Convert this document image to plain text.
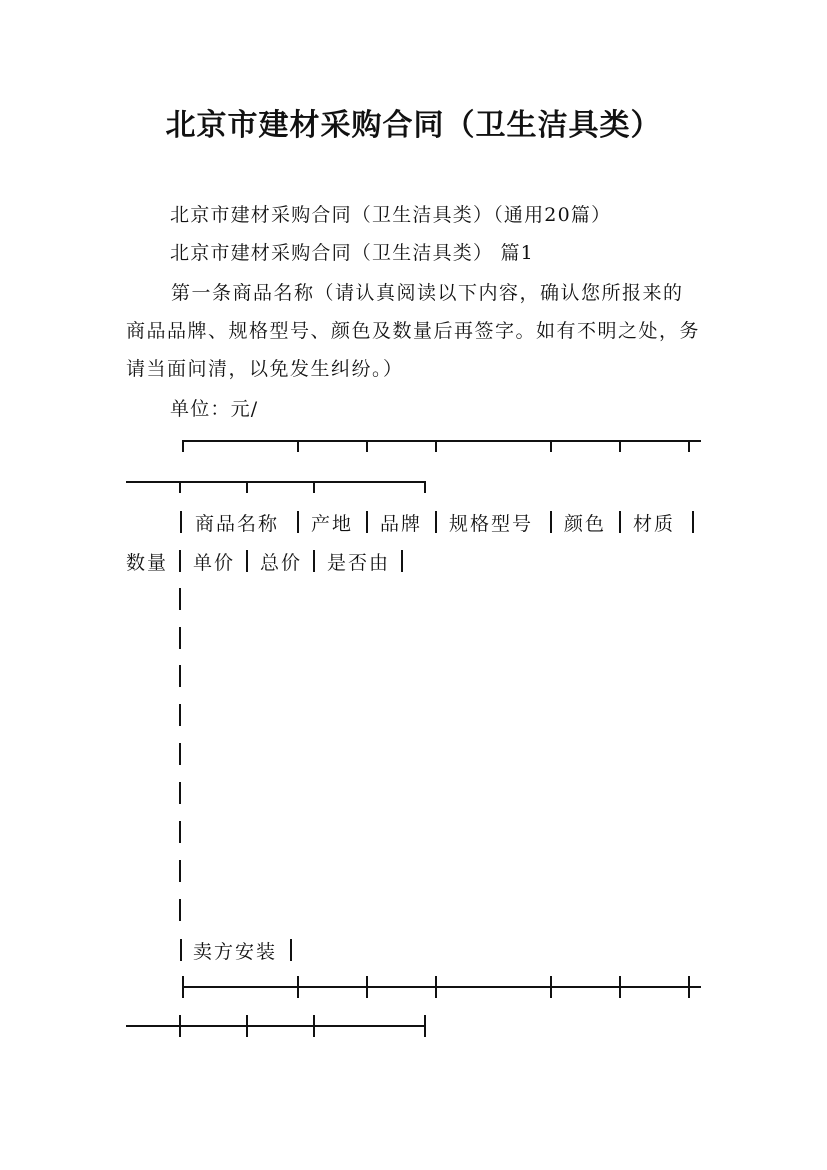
北京市建材采购合同（卫生洁具类）
北京市建材采购合同（卫生洁具类）（通用20篇）
北京市建材采购合同（卫生洁具类） 篇1
第一条商品名称（请认真阅读以下内容，确认您所报来的商品品牌、规格型号、颜色及数量后再签字。如有不明之处，务请当面问清，以免发生纠纷。）
单位：元/
商品名称 产地 品牌 规格型号 颜色 材质
数量 单价 总价 是否由
卖方安装
